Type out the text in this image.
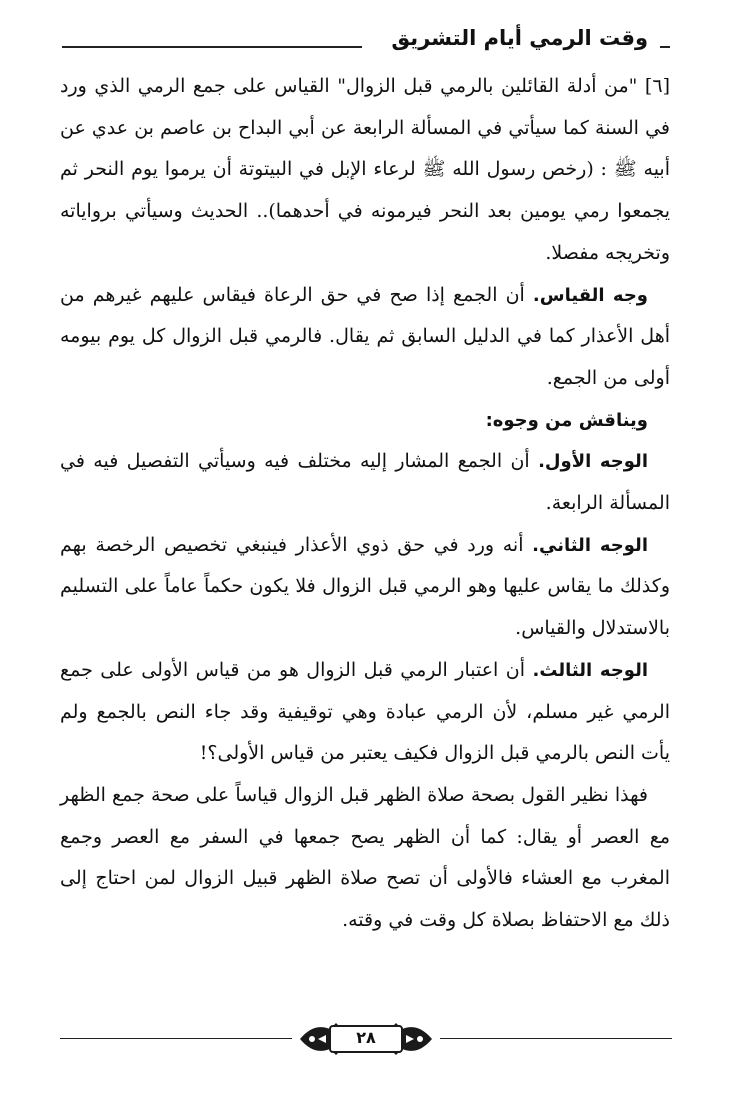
وقت الرمي أيام التشريق

[٦] "من أدلة القائلين بالرمي قبل الزوال" القياس على جمع الرمي الذي ورد في السنة كما سيأتي في المسألة الرابعة عن أبي البداح بن عاصم بن عدي عن أبيه ﷺ : (رخص رسول الله ﷺ لرعاء الإبل في البيتوتة أن يرموا يوم النحر ثم يجمعوا رمي يومين بعد النحر فيرمونه في أحدهما).. الحديث وسيأتي برواياته وتخريجه مفصلا.

وجه القياس. أن الجمع إذا صح في حق الرعاة فيقاس عليهم غيرهم من أهل الأعذار كما في الدليل السابق ثم يقال. فالرمي قبل الزوال كل يوم بيومه أولى من الجمع.

ويناقش من وجوه:

الوجه الأول. أن الجمع المشار إليه مختلف فيه وسيأتي التفصيل فيه في المسألة الرابعة.

الوجه الثاني. أنه ورد في حق ذوي الأعذار فينبغي تخصيص الرخصة بهم وكذلك ما يقاس عليها وهو الرمي قبل الزوال فلا يكون حكماً عاماً على التسليم بالاستدلال والقياس.

الوجه الثالث. أن اعتبار الرمي قبل الزوال هو من قياس الأولى على جمع الرمي غير مسلم، لأن الرمي عبادة وهي توقيفية وقد جاء النص بالجمع ولم يأت النص بالرمي قبل الزوال فكيف يعتبر من قياس الأولى؟!

فهذا نظير القول بصحة صلاة الظهر قبل الزوال قياساً على صحة جمع الظهر مع العصر أو يقال: كما أن الظهر يصح جمعها في السفر مع العصر وجمع المغرب مع العشاء فالأولى أن تصح صلاة الظهر قبيل الزوال لمن احتاج إلى ذلك مع الاحتفاظ بصلاة كل وقت في وقته.

٢٨
